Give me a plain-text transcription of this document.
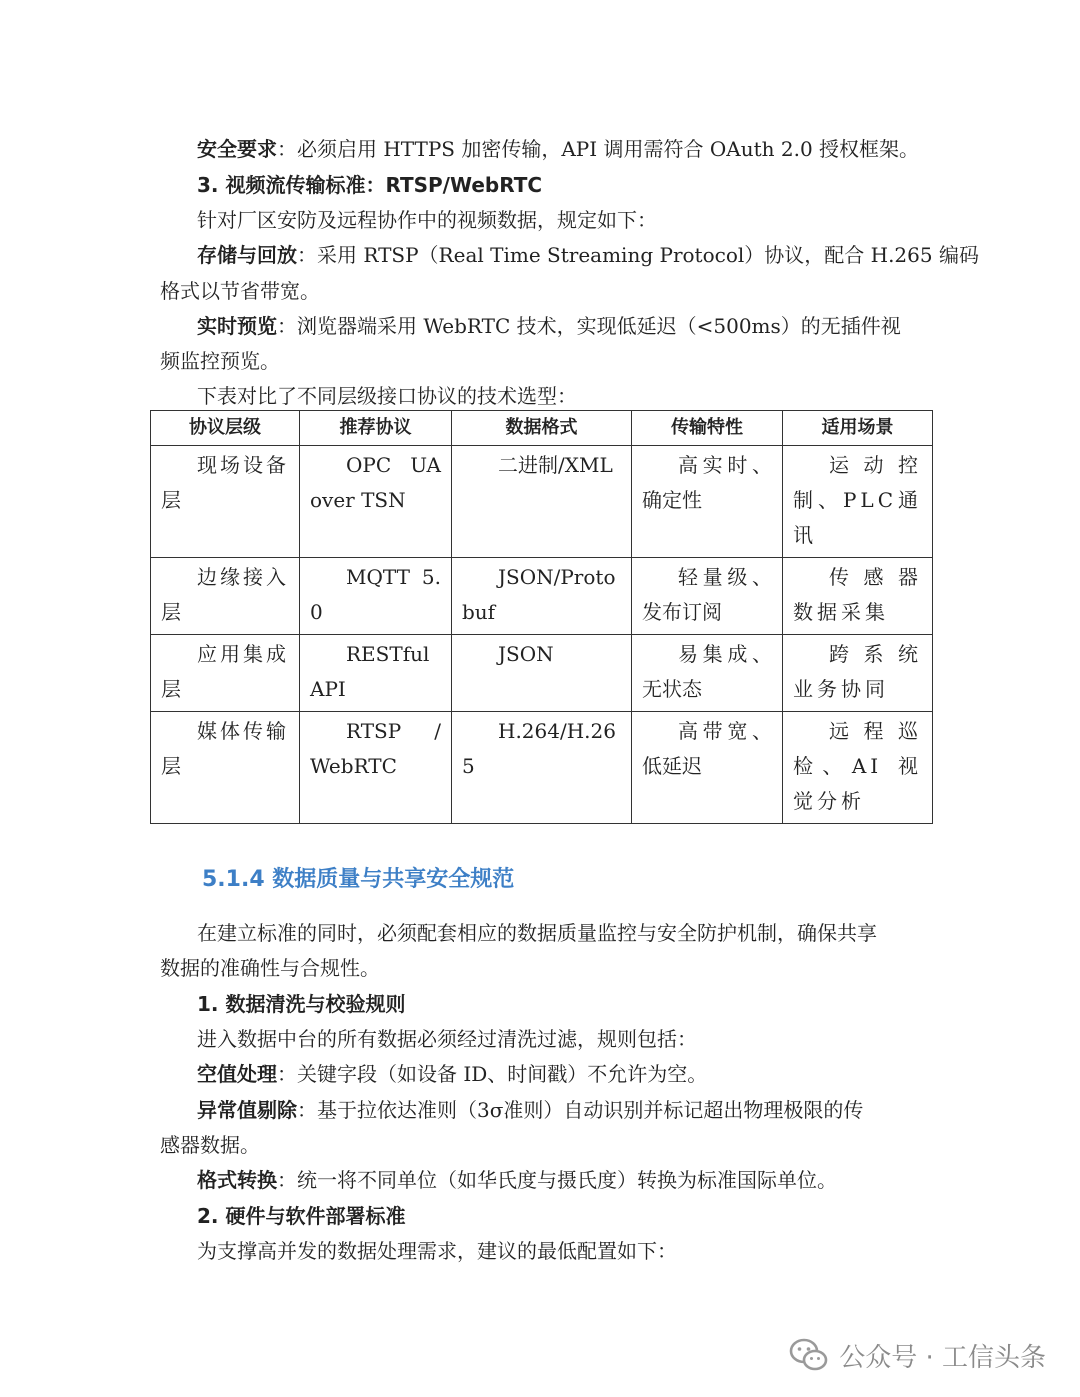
安全要求：必须启用 HTTPS 加密传输，API 调用需符合 OAuth 2.0 授权框架。
3. 视频流传输标准：RTSP/WebRTC
针对厂区安防及远程协作中的视频数据，规定如下：
存储与回放：采用 RTSP（Real Time Streaming Protocol）协议，配合 H.265 编码
格式以节省带宽。
实时预览：浏览器端采用 WebRTC 技术，实现低延迟（<500ms）的无插件视
频监控预览。
下表对比了不同层级接口协议的技术选型：
协议层级	推荐协议	数据格式	传输特性	适用场景
现场设备层	OPC UA over TSN	二进制/XML	高实时、确定性	运动控制、PLC通讯
边缘接入层	MQTT 5.0	JSON/Protobuf	轻量级、发布订阅	传感器数据采集
应用集成层	RESTful API	JSON	易集成、无状态	跨系统业务协同
媒体传输层	RTSP / WebRTC	H.264/H.265	高带宽、低延迟	远程巡检、AI 视觉分析
5.1.4 数据质量与共享安全规范
在建立标准的同时，必须配套相应的数据质量监控与安全防护机制，确保共享
数据的准确性与合规性。
1. 数据清洗与校验规则
进入数据中台的所有数据必须经过清洗过滤，规则包括：
空值处理：关键字段（如设备 ID、时间戳）不允许为空。
异常值剔除：基于拉依达准则（3σ准则）自动识别并标记超出物理极限的传
感器数据。
格式转换：统一将不同单位（如华氏度与摄氏度）转换为标准国际单位。
2. 硬件与软件部署标准
为支撑高并发的数据处理需求，建议的最低配置如下：
公众号 · 工信头条
